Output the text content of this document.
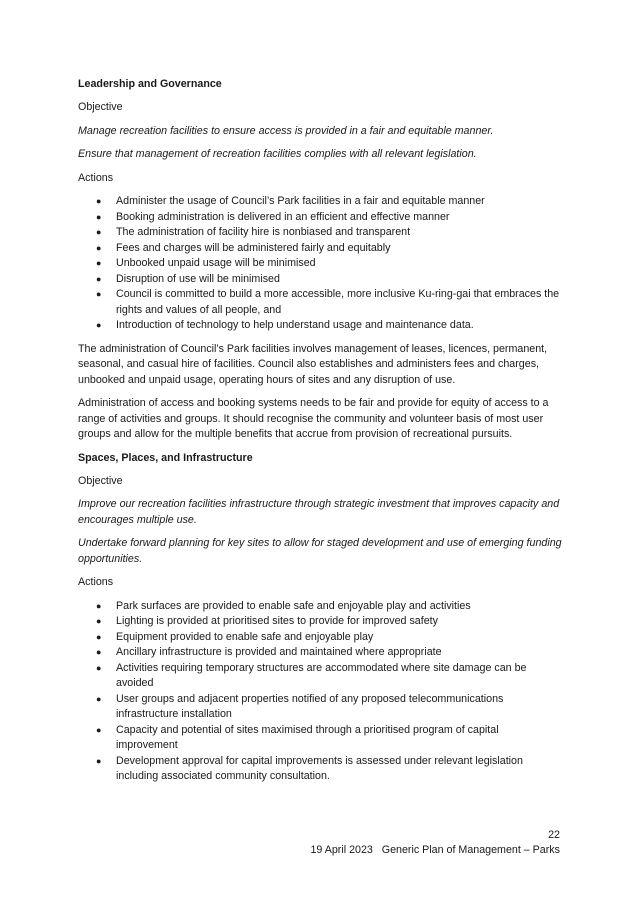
Leadership and Governance

Objective

Manage recreation facilities to ensure access is provided in a fair and equitable manner.

Ensure that management of recreation facilities complies with all relevant legislation.

Actions

● Administer the usage of Council’s Park facilities in a fair and equitable manner
● Booking administration is delivered in an efficient and effective manner
● The administration of facility hire is nonbiased and transparent
● Fees and charges will be administered fairly and equitably
● Unbooked unpaid usage will be minimised
● Disruption of use will be minimised
● Council is committed to build a more accessible, more inclusive Ku-ring-gai that embraces the rights and values of all people, and
● Introduction of technology to help understand usage and maintenance data.

The administration of Council’s Park facilities involves management of leases, licences, permanent, seasonal, and casual hire of facilities. Council also establishes and administers fees and charges, unbooked and unpaid usage, operating hours of sites and any disruption of use.

Administration of access and booking systems needs to be fair and provide for equity of access to a range of activities and groups. It should recognise the community and volunteer basis of most user groups and allow for the multiple benefits that accrue from provision of recreational pursuits.

Spaces, Places, and Infrastructure

Objective

Improve our recreation facilities infrastructure through strategic investment that improves capacity and encourages multiple use.

Undertake forward planning for key sites to allow for staged development and use of emerging funding opportunities.

Actions

● Park surfaces are provided to enable safe and enjoyable play and activities
● Lighting is provided at prioritised sites to provide for improved safety
● Equipment provided to enable safe and enjoyable play
● Ancillary infrastructure is provided and maintained where appropriate
● Activities requiring temporary structures are accommodated where site damage can be avoided
● User groups and adjacent properties notified of any proposed telecommunications infrastructure installation
● Capacity and potential of sites maximised through a prioritised program of capital improvement
● Development approval for capital improvements is assessed under relevant legislation including associated community consultation.
22
19 April 2023 Generic Plan of Management – Parks
